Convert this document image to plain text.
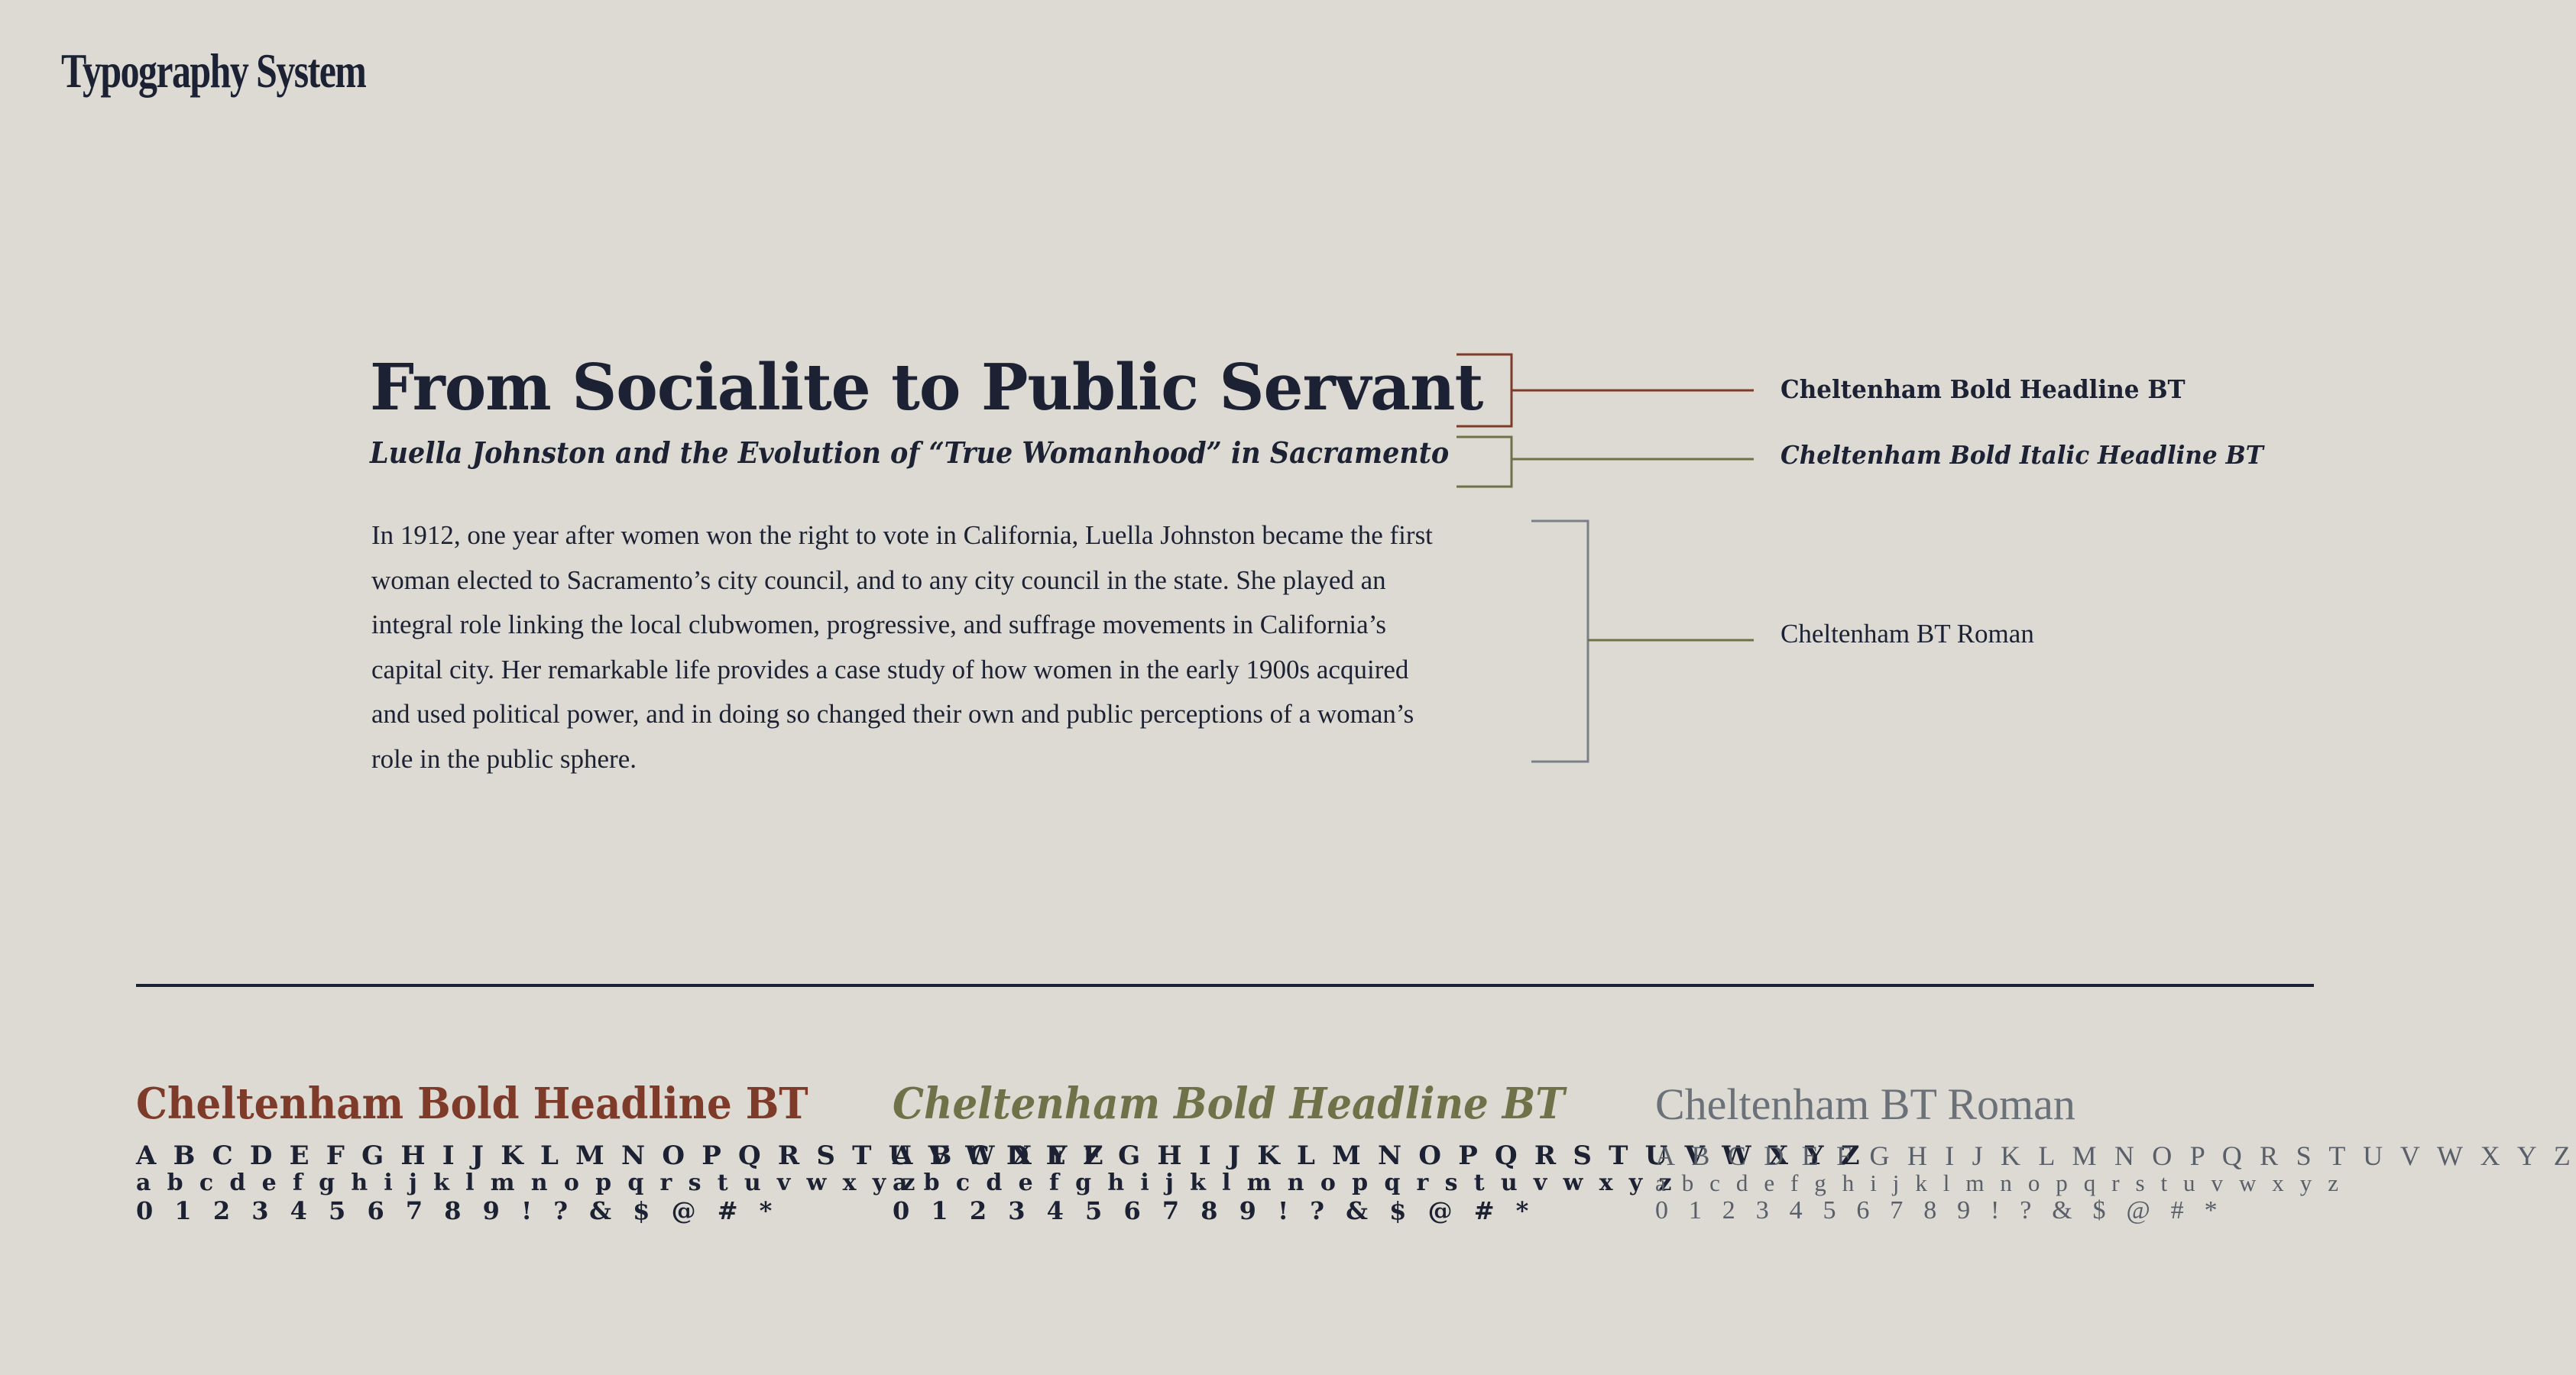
Typography System
From Socialite to Public Servant
Luella Johnston and the Evolution of “True Womanhood” in Sacramento
In 1912, one year after women won the right to vote in California, Luella Johnston became the first
woman elected to Sacramento’s city council, and to any city council in the state. She played an
integral role linking the local clubwomen, progressive, and suffrage movements in California’s
capital city. Her remarkable life provides a case study of how women in the early 1900s acquired
and used political power, and in doing so changed their own and public perceptions of a woman’s
role in the public sphere.
Cheltenham Bold Headline BT
Cheltenham Bold Italic Headline BT
Cheltenham BT Roman
Cheltenham Bold Headline BT
A B C D E F G H I J K L M N O P Q R S T U V W X Y Z
a b c d e f g h i j k l m n o p q r s t u v w x y z
0 1 2 3 4 5 6 7 8 9 ! ? & $ @ # *
Cheltenham Bold Headline BT
A B C D E F G H I J K L M N O P Q R S T U V W X Y Z
a b c d e f g h i j k l m n o p q r s t u v w x y z
0 1 2 3 4 5 6 7 8 9 ! ? & $ @ # *
Cheltenham BT Roman
A B C D E F G H I J K L M N O P Q R S T U V W X Y Z
a b c d e f g h i j k l m n o p q r s t u v w x y z
0 1 2 3 4 5 6 7 8 9 ! ? & $ @ # *
